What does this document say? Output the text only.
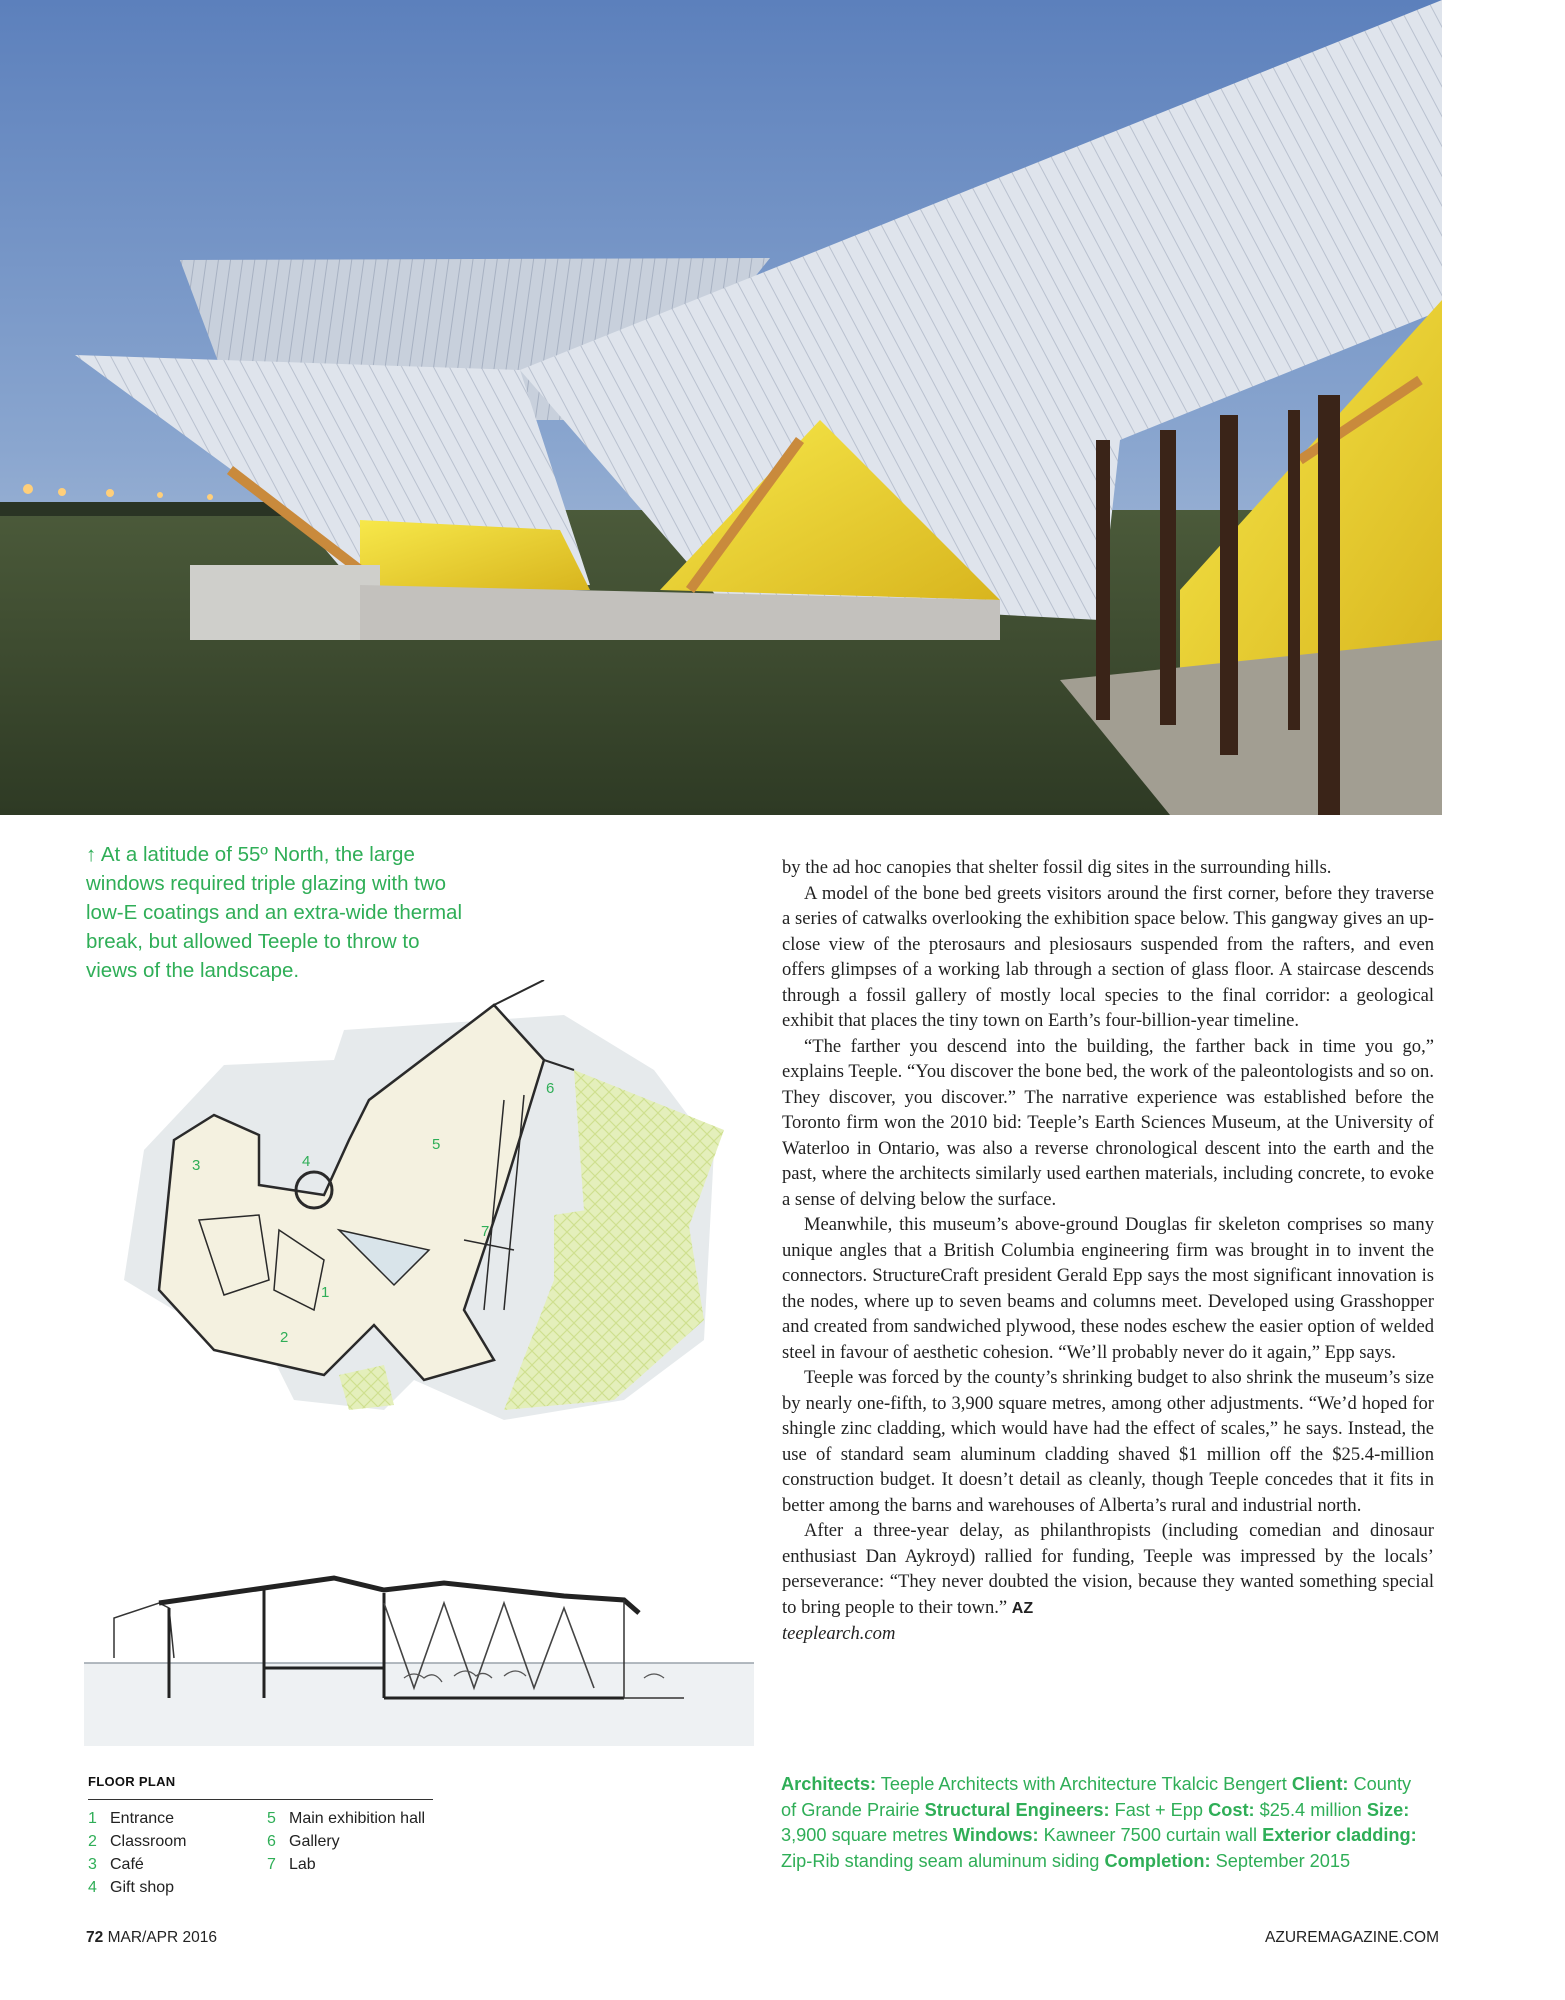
↑ At a latitude of 55º North, the large windows required triple glazing with two low-E coatings and an extra-wide thermal break, but allowed Teeple to throw to views of the landscape.

1
2
3	4
5
6
7
FLOOR PLAN
1 Entrance
2 Classroom
3 Café
4 Gift shop
5 Main exhibition hall
6 Gallery
7 Lab

by the ad hoc canopies that shelter fossil dig sites in the surrounding hills.

A model of the bone bed greets visitors around the first corner, before they traverse a series of catwalks overlooking the exhibition space below. This gangway gives an up-close view of the pterosaurs and plesiosaurs suspended from the rafters, and even offers glimpses of a working lab through a section of glass floor. A staircase descends through a fossil gallery of mostly local species to the final corridor: a geological exhibit that places the tiny town on Earth’s four-billion-year timeline.

“The farther you descend into the building, the farther back in time you go,” explains Teeple. “You discover the bone bed, the work of the paleontologists and so on. They discover, you discover.” The narrative experience was established before the Toronto firm won the 2010 bid: Teeple’s Earth Sciences Museum, at the University of Waterloo in Ontario, was also a reverse chronological descent into the earth and the past, where the architects similarly used earthen materials, including concrete, to evoke a sense of delving below the surface.

Meanwhile, this museum’s above-ground Douglas fir skeleton comprises so many unique angles that a British Columbia engineering firm was brought in to invent the connectors. StructureCraft president Gerald Epp says the most significant innovation is the nodes, where up to seven beams and columns meet. Developed using Grasshopper and created from sandwiched plywood, these nodes eschew the easier option of welded steel in favour of aesthetic cohesion. “We’ll probably never do it again,” Epp says.

Teeple was forced by the county’s shrinking budget to also shrink the museum’s size by nearly one-fifth, to 3,900 square metres, among other adjustments. “We’d hoped for shingle zinc cladding, which would have had the effect of scales,” he says. Instead, the use of standard seam aluminum cladding shaved $1 million off the $25.4-million construction budget. It doesn’t detail as cleanly, though Teeple concedes that it fits in better among the barns and warehouses of Alberta’s rural and industrial north.

After a three-year delay, as philanthropists (including comedian and dinosaur enthusiast Dan Aykroyd) rallied for funding, Teeple was impressed by the locals’ perseverance: “They never doubted the vision, because they wanted something special to bring people to their town.” AZ

teeplearch.com

Architects: Teeple Architects with Architecture Tkalcic Bengert Client: County of Grande Prairie Structural Engineers: Fast + Epp Cost: $25.4 million Size: 3,900 square metres Windows: Kawneer 7500 curtain wall Exterior cladding: Zip-Rib standing seam aluminum siding Completion: September 2015

72 MAR/APR 2016	AZUREMAGAZINE.COM
